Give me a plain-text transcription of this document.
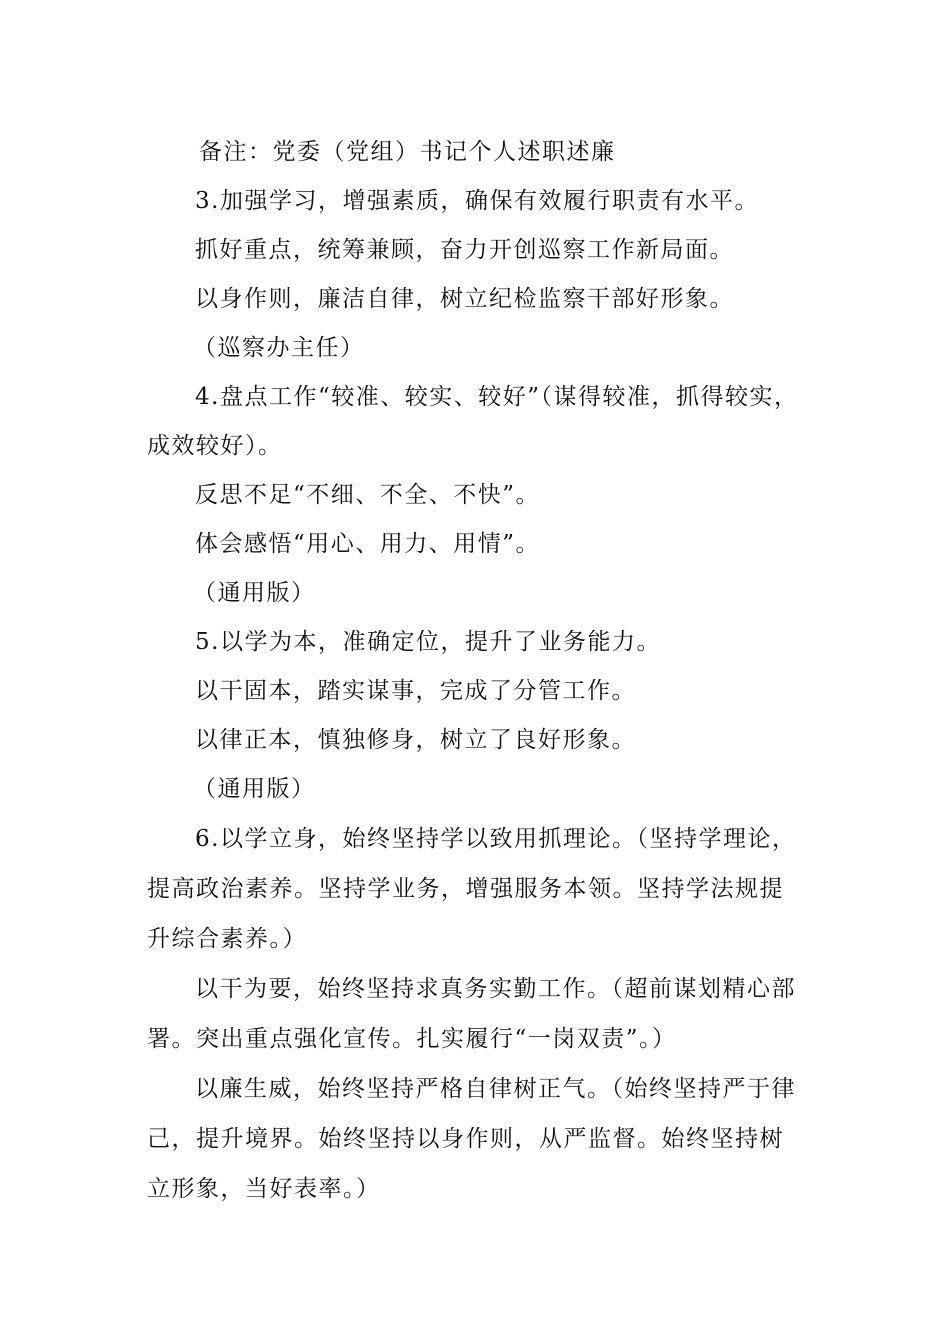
备注：党委（党组）书记个人述职述廉

3.加强学习，增强素质，确保有效履行职责有水平。

抓好重点，统筹兼顾，奋力开创巡察工作新局面。

以身作则，廉洁自律，树立纪检监察干部好形象。

（巡察办主任）

4.盘点工作“较准、较实、较好”（谋得较准，抓得较实，成效较好）。

反思不足“不细、不全、不快”。

体会感悟“用心、用力、用情”。

（通用版）

5.以学为本，准确定位，提升了业务能力。

以干固本，踏实谋事，完成了分管工作。

以律正本，慎独修身，树立了良好形象。

（通用版）

6.以学立身，始终坚持学以致用抓理论。（坚持学理论，提高政治素养。坚持学业务，增强服务本领。坚持学法规提升综合素养。）

以干为要，始终坚持求真务实勤工作。（超前谋划精心部署。突出重点强化宣传。扎实履行“一岗双责”。）

以廉生威，始终坚持严格自律树正气。（始终坚持严于律己，提升境界。始终坚持以身作则，从严监督。始终坚持树立形象，当好表率。）
